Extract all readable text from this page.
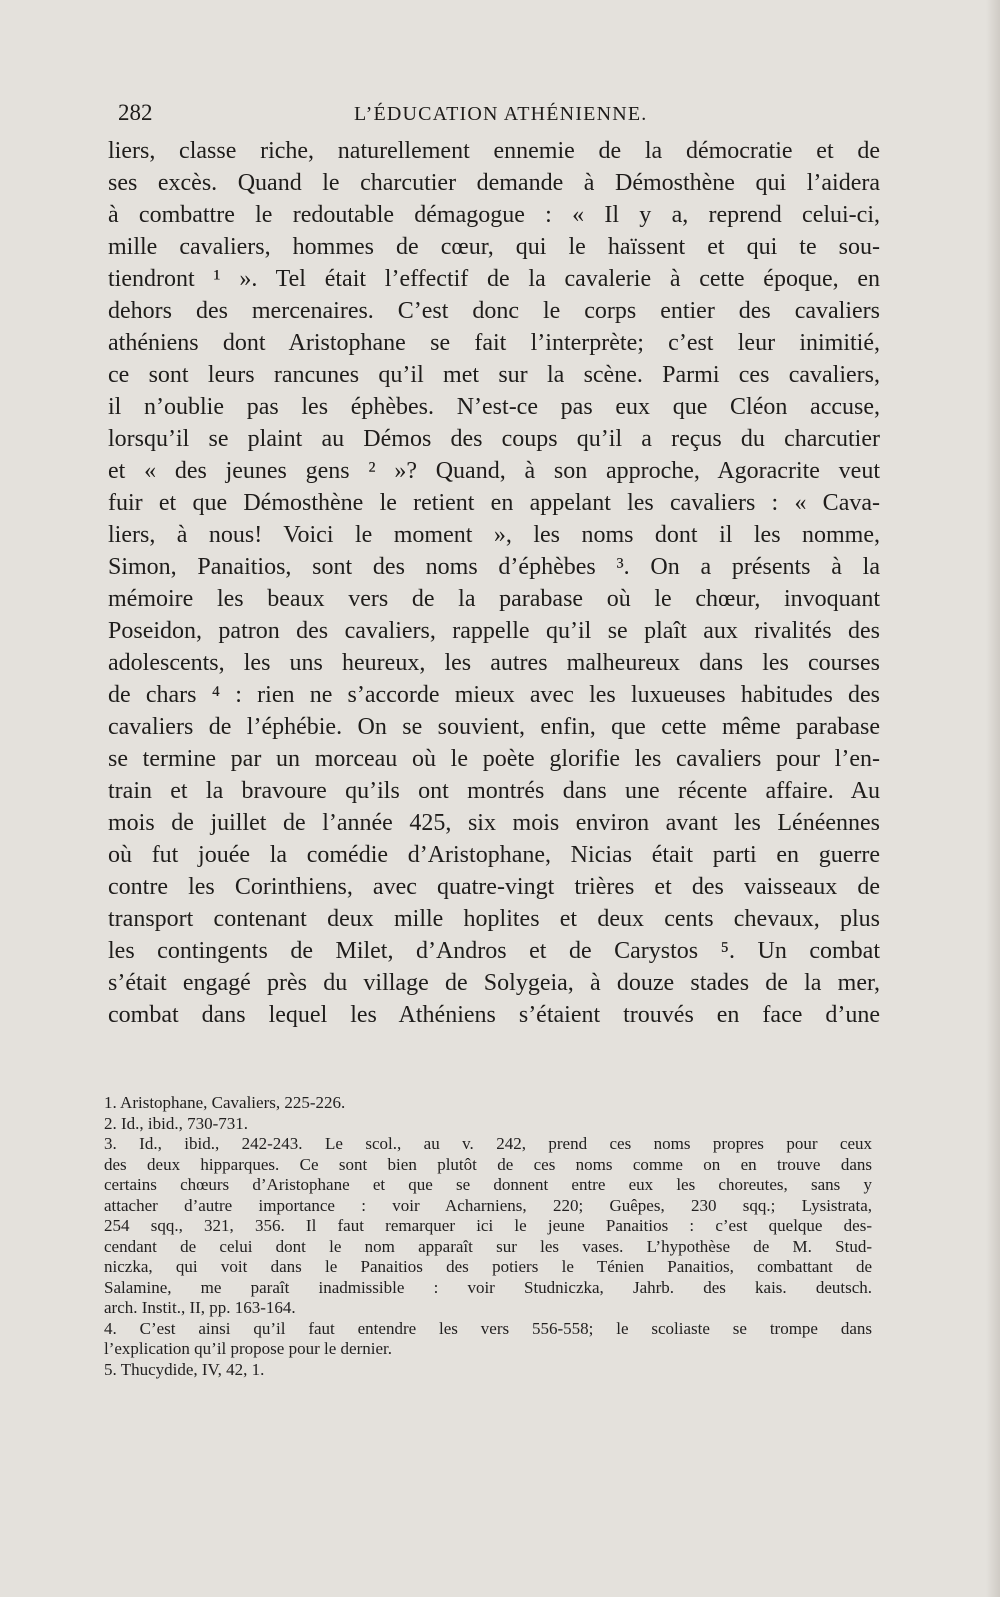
282	L’ÉDUCATION ATHÉNIENNE.
liers, classe riche, naturellement ennemie de la démocratie et de
ses excès. Quand le charcutier demande à Démosthène qui l’aidera
à combattre le redoutable démagogue : « Il y a, reprend celui-ci,
mille cavaliers, hommes de cœur, qui le haïssent et qui te sou-
tiendront ¹ ». Tel était l’effectif de la cavalerie à cette époque, en
dehors des mercenaires. C’est donc le corps entier des cavaliers
athéniens dont Aristophane se fait l’interprète; c’est leur inimitié,
ce sont leurs rancunes qu’il met sur la scène. Parmi ces cavaliers,
il n’oublie pas les éphèbes. N’est-ce pas eux que Cléon accuse,
lorsqu’il se plaint au Démos des coups qu’il a reçus du charcutier
et « des jeunes gens ² »? Quand, à son approche, Agoracrite veut
fuir et que Démosthène le retient en appelant les cavaliers : « Cava-
liers, à nous! Voici le moment », les noms dont il les nomme,
Simon, Panaitios, sont des noms d’éphèbes ³. On a présents à la
mémoire les beaux vers de la parabase où le chœur, invoquant
Poseidon, patron des cavaliers, rappelle qu’il se plaît aux rivalités des
adolescents, les uns heureux, les autres malheureux dans les courses
de chars ⁴ : rien ne s’accorde mieux avec les luxueuses habitudes des
cavaliers de l’éphébie. On se souvient, enfin, que cette même parabase
se termine par un morceau où le poète glorifie les cavaliers pour l’en-
train et la bravoure qu’ils ont montrés dans une récente affaire. Au
mois de juillet de l’année 425, six mois environ avant les Lénéennes
où fut jouée la comédie d’Aristophane, Nicias était parti en guerre
contre les Corinthiens, avec quatre-vingt trières et des vaisseaux de
transport contenant deux mille hoplites et deux cents chevaux, plus
les contingents de Milet, d’Andros et de Carystos ⁵. Un combat
s’était engagé près du village de Solygeia, à douze stades de la mer,
combat dans lequel les Athéniens s’étaient trouvés en face d’une
1. Aristophane, Cavaliers, 225-226.
2. Id., ibid., 730-731.
3. Id., ibid., 242-243. Le scol., au v. 242, prend ces noms propres pour ceux
des deux hipparques. Ce sont bien plutôt de ces noms comme on en trouve dans
certains chœurs d’Aristophane et que se donnent entre eux les choreutes, sans y
attacher d’autre importance : voir Acharniens, 220; Guêpes, 230 sqq.; Lysistrata,
254 sqq., 321, 356. Il faut remarquer ici le jeune Panaitios : c’est quelque des-
cendant de celui dont le nom apparaît sur les vases. L’hypothèse de M. Stud-
niczka, qui voit dans le Panaitios des potiers le Ténien Panaitios, combattant de
Salamine, me paraît inadmissible : voir Studniczka, Jahrb. des kais. deutsch.
arch. Instit., II, pp. 163-164.
4. C’est ainsi qu’il faut entendre les vers 556-558; le scoliaste se trompe dans
l’explication qu’il propose pour le dernier.
5. Thucydide, IV, 42, 1.
